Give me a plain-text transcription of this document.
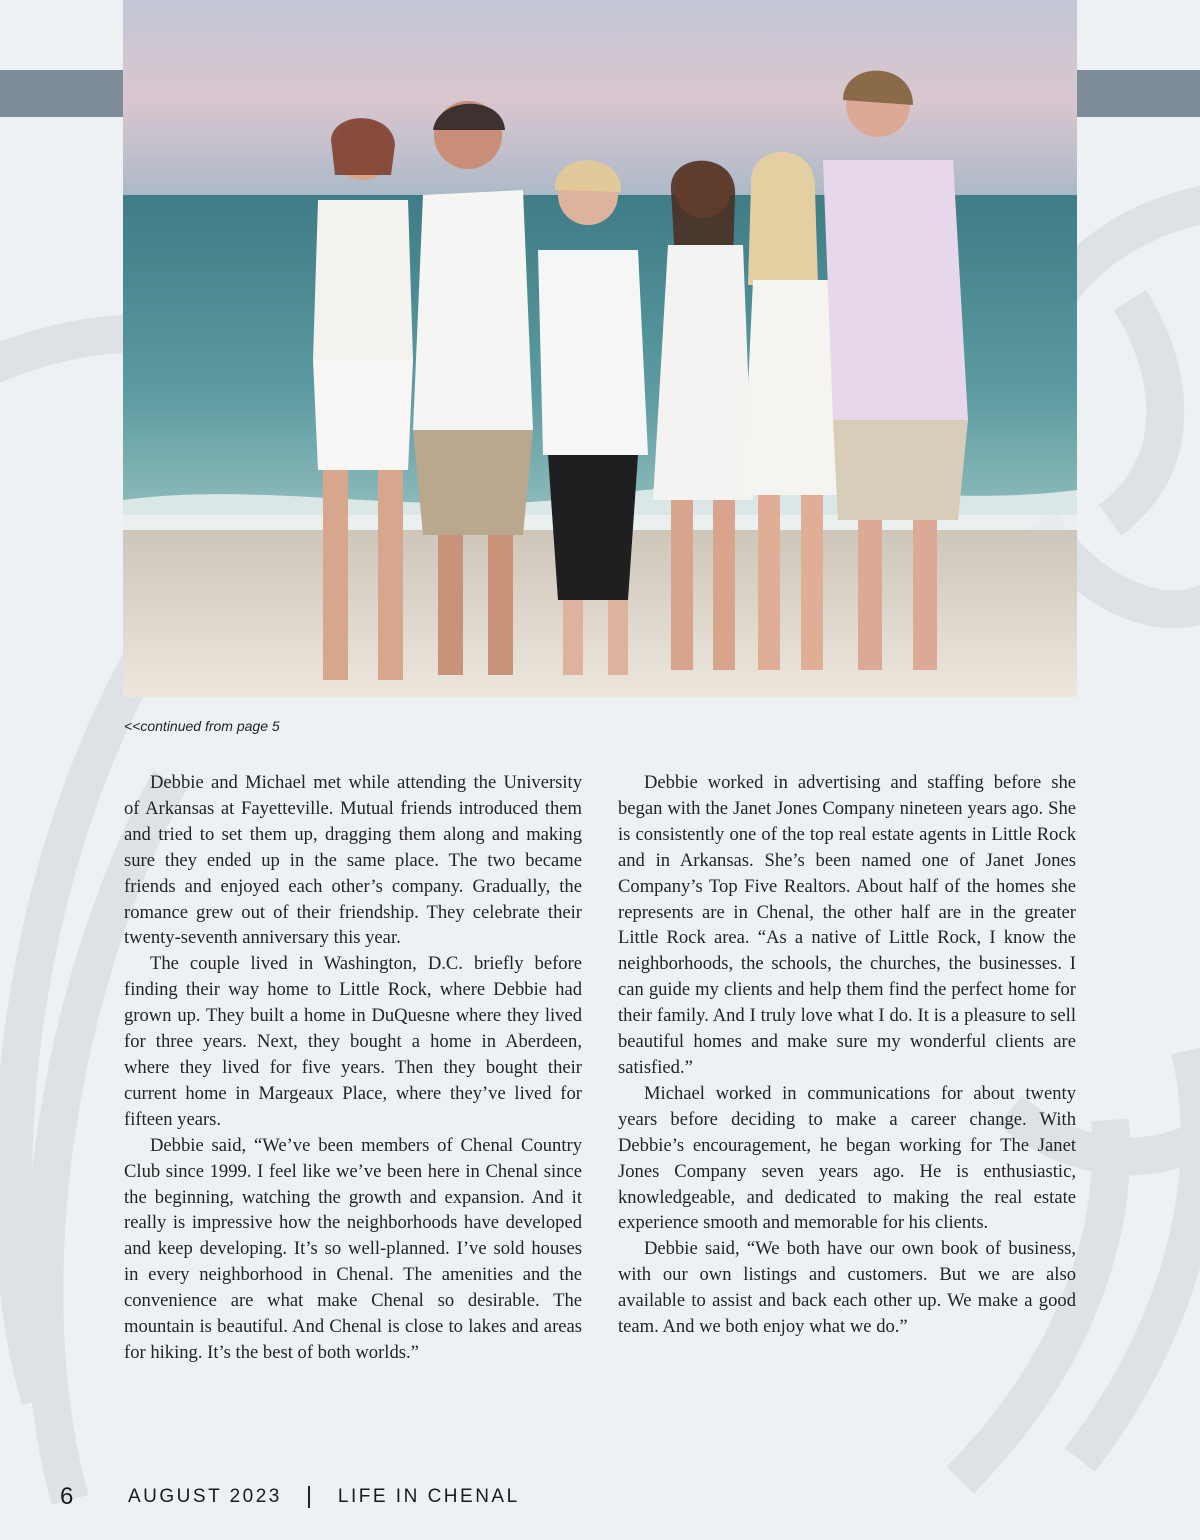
<<continued from page 5

Debbie and Michael met while attending the University of Arkansas at Fayetteville. Mutual friends introduced them and tried to set them up, dragging them along and making sure they ended up in the same place. The two became friends and enjoyed each other’s company. Gradually, the romance grew out of their friendship. They celebrate their twenty-seventh anniversary this year.

The couple lived in Washington, D.C. briefly before finding their way home to Little Rock, where Debbie had grown up. They built a home in DuQuesne where they lived for three years. Next, they bought a home in Aberdeen, where they lived for five years. Then they bought their current home in Margeaux Place, where they’ve lived for fifteen years.

Debbie said, “We’ve been members of Chenal Country Club since 1999. I feel like we’ve been here in Chenal since the beginning, watching the growth and expansion. And it really is impressive how the neighborhoods have developed and keep developing. It’s so well-planned. I’ve sold houses in every neighborhood in Chenal. The amenities and the convenience are what make Chenal so desirable. The mountain is beautiful. And Chenal is close to lakes and areas for hiking. It’s the best of both worlds.”

Debbie worked in advertising and staffing before she began with the Janet Jones Company nineteen years ago. She is consistently one of the top real estate agents in Little Rock and in Arkansas. She’s been named one of Janet Jones Company’s Top Five Realtors. About half of the homes she represents are in Chenal, the other half are in the greater Little Rock area. “As a native of Little Rock, I know the neighborhoods, the schools, the churches, the businesses. I can guide my clients and help them find the perfect home for their family. And I truly love what I do. It is a pleasure to sell beautiful homes and make sure my wonderful clients are satisfied.”

Michael worked in communications for about twenty years before deciding to make a career change. With Debbie’s encouragement, he began working for The Janet Jones Company seven years ago. He is enthusiastic, knowledgeable, and dedicated to making the real estate experience smooth and memorable for his clients.

Debbie said, “We both have our own book of business, with our own listings and customers. But we are also available to assist and back each other up. We make a good team. And we both enjoy what we do.”

6	AUGUST 2023	LIFE IN CHENAL
